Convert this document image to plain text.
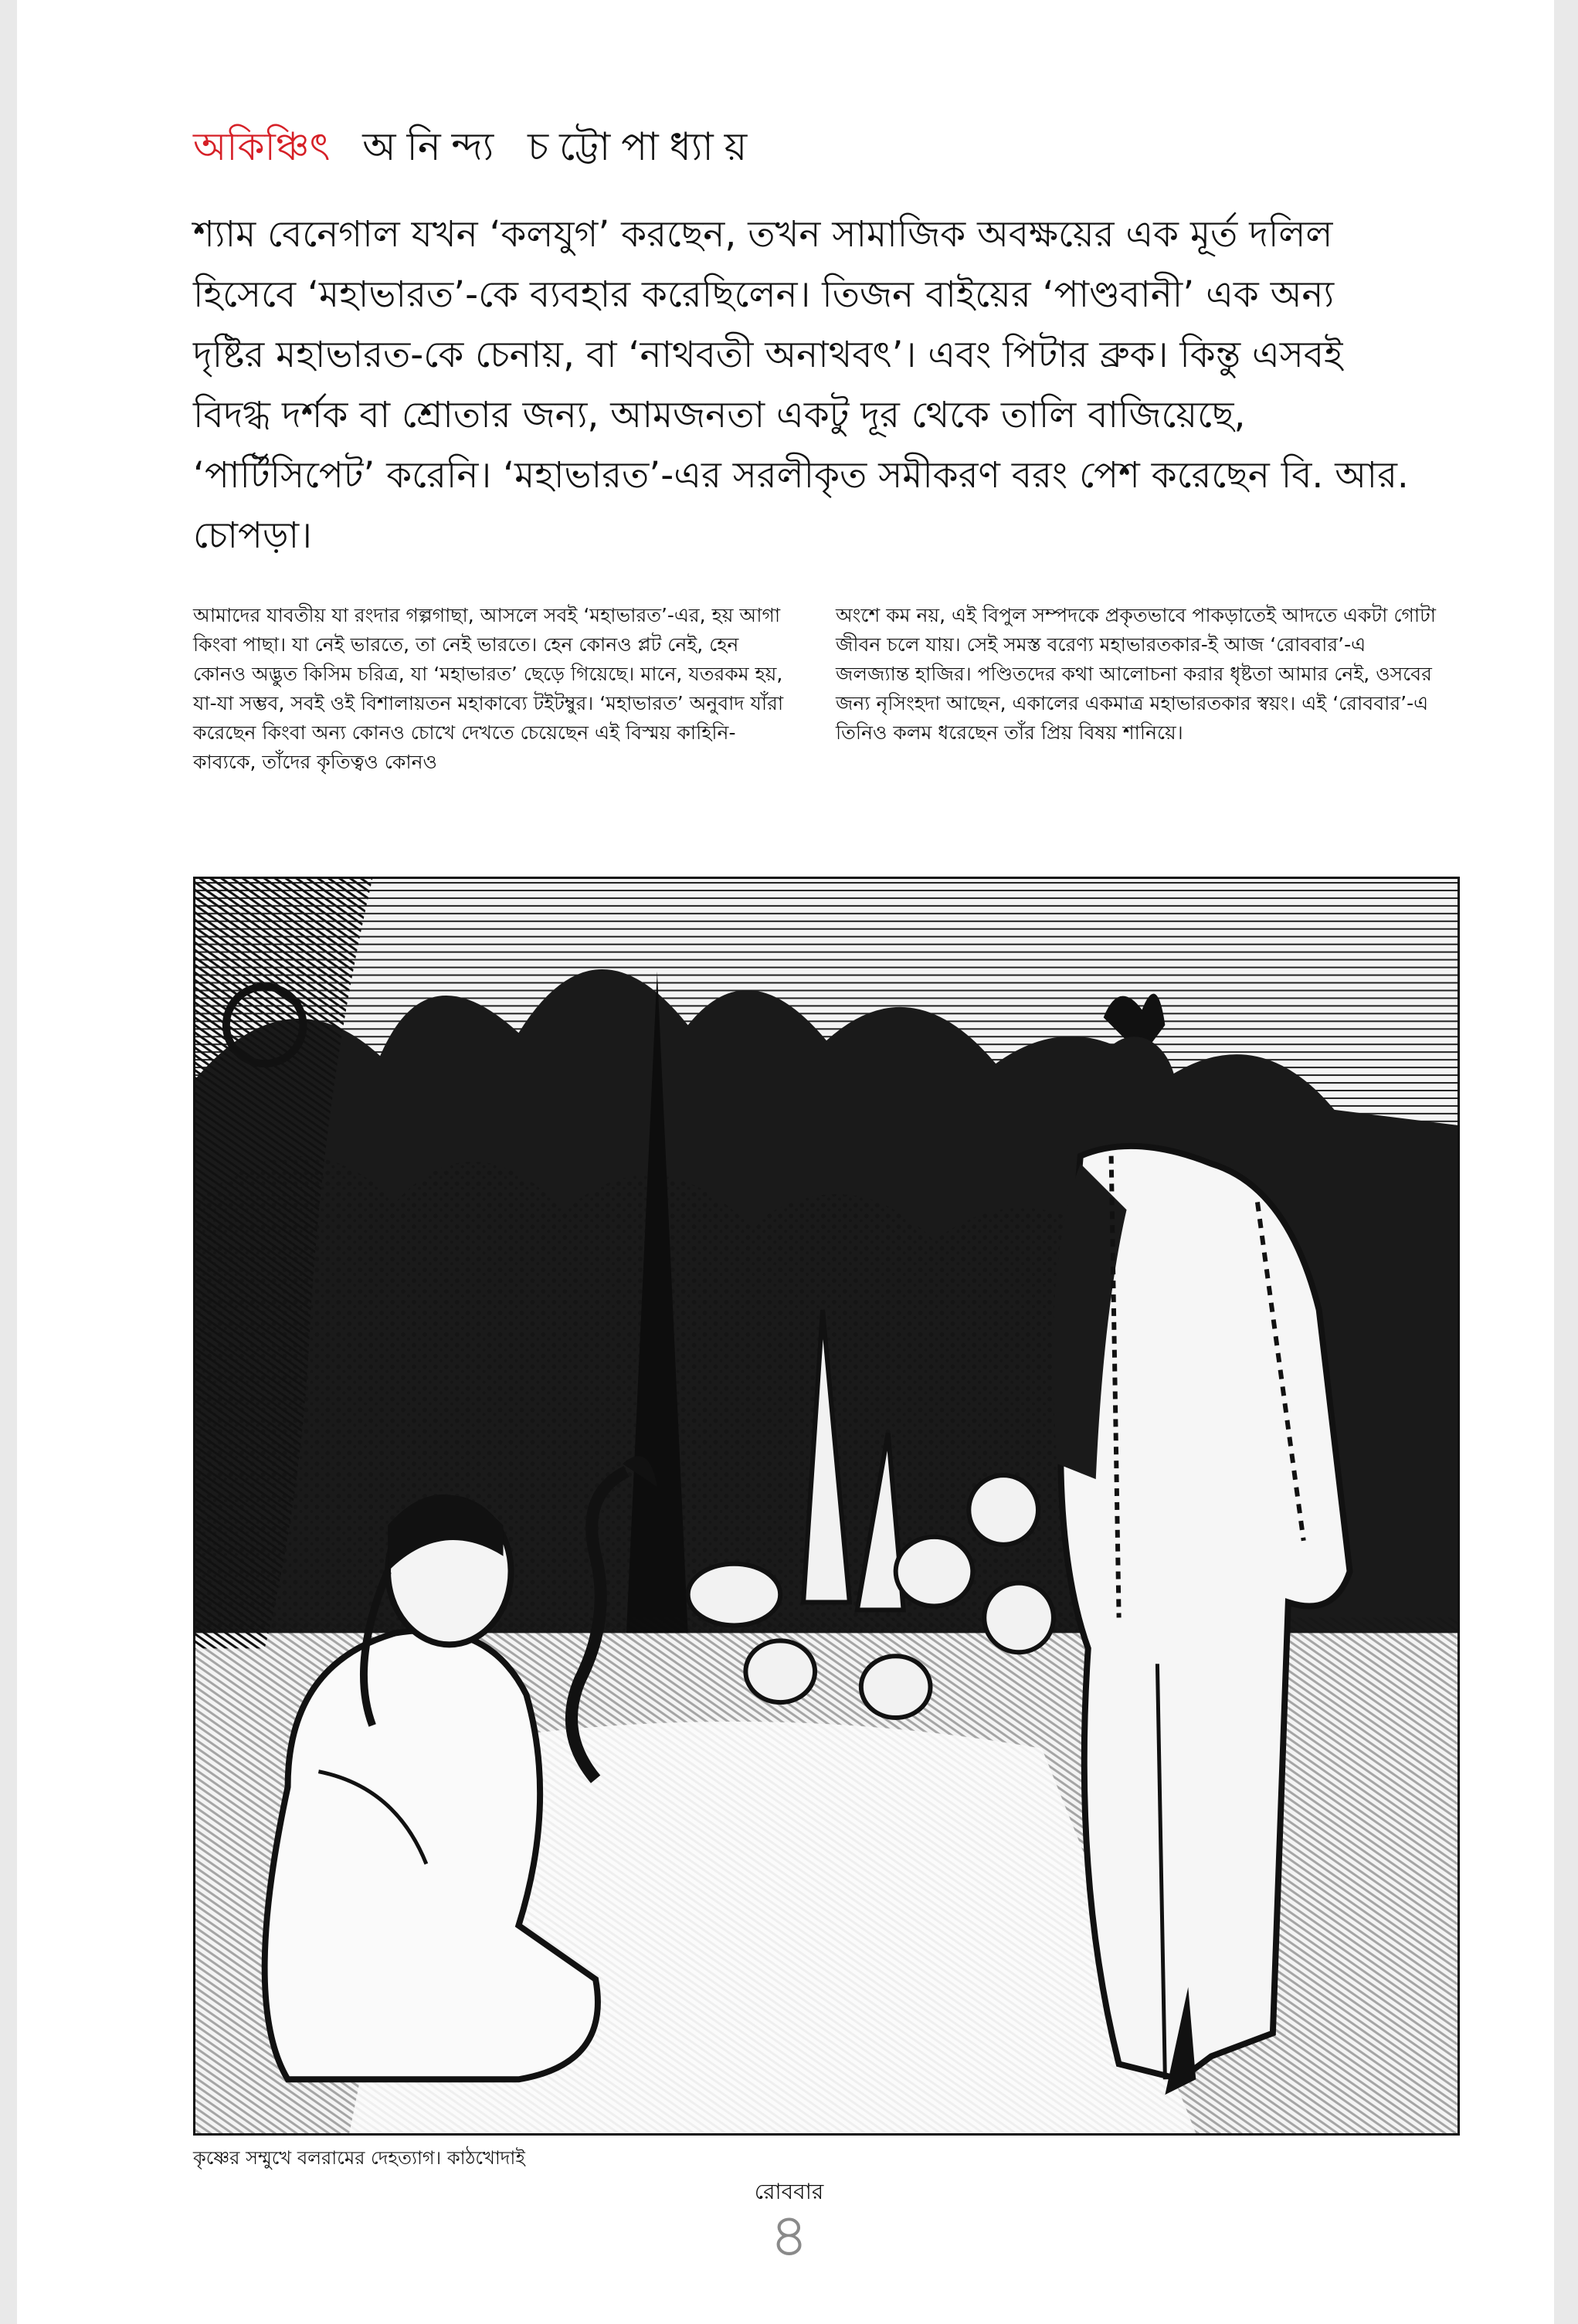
অকিঞ্চিৎ অনিন্দ্য চট্টোপাধ্যায়

শ্যাম বেনেগাল যখন ‘কলযুগ’ করছেন, তখন সামাজিক অবক্ষয়ের এক মূর্ত দলিল হিসেবে ‘মহাভারত’-কে ব্যবহার করেছিলেন। তিজন বাইয়ের ‘পাণ্ডবানী’ এক অন্য দৃষ্টির মহাভারত-কে চেনায়, বা ‘নাথবতী অনাথবৎ’। এবং পিটার ব্রুক। কিন্তু এসবই বিদগ্ধ দর্শক বা শ্রোতার জন্য, আমজনতা একটু দূর থেকে তালি বাজিয়েছে, ‘পার্টিসিপেট’ করেনি। ‘মহাভারত’-এর সরলীকৃত সমীকরণ বরং পেশ করেছেন বি. আর. চোপড়া।

আমাদের যাবতীয় যা রংদার গল্পগাছা, আসলে সবই ‘মহাভারত’-এর, হয় আগা কিংবা পাছা। যা নেই ভারতে, তা নেই ভারতে। হেন কোনও প্লট নেই, হেন কোনও অদ্ভুত কিসিম চরিত্র, যা ‘মহাভারত’ ছেড়ে গিয়েছে। মানে, যতরকম হয়, যা-যা সম্ভব, সবই ওই বিশালায়তন মহাকাব্যে টইটম্বুর। ‘মহাভারত’ অনুবাদ যাঁরা করেছেন কিংবা অন্য কোনও চোখে দেখতে চেয়েছেন এই বিস্ময় কাহিনি-কাব্যকে, তাঁদের কৃতিত্বও কোনও

অংশে কম নয়, এই বিপুল সম্পদকে প্রকৃতভাবে পাকড়াতেই আদতে একটা গোটা জীবন চলে যায়। সেই সমস্ত বরেণ্য মহাভারতকার-ই আজ ‘রোববার’-এ জলজ্যান্ত হাজির। পণ্ডিতদের কথা আলোচনা করার ধৃষ্টতা আমার নেই, ওসবের জন্য নৃসিংহদা আছেন, একালের একমাত্র মহাভারতকার স্বয়ং। এই ‘রোববার’-এ তিনিও কলম ধরেছেন তাঁর প্রিয় বিষয় শানিয়ে।

কৃষ্ণের সম্মুখে বলরামের দেহত্যাগ। কাঠখোদাই
রোববার
৪
